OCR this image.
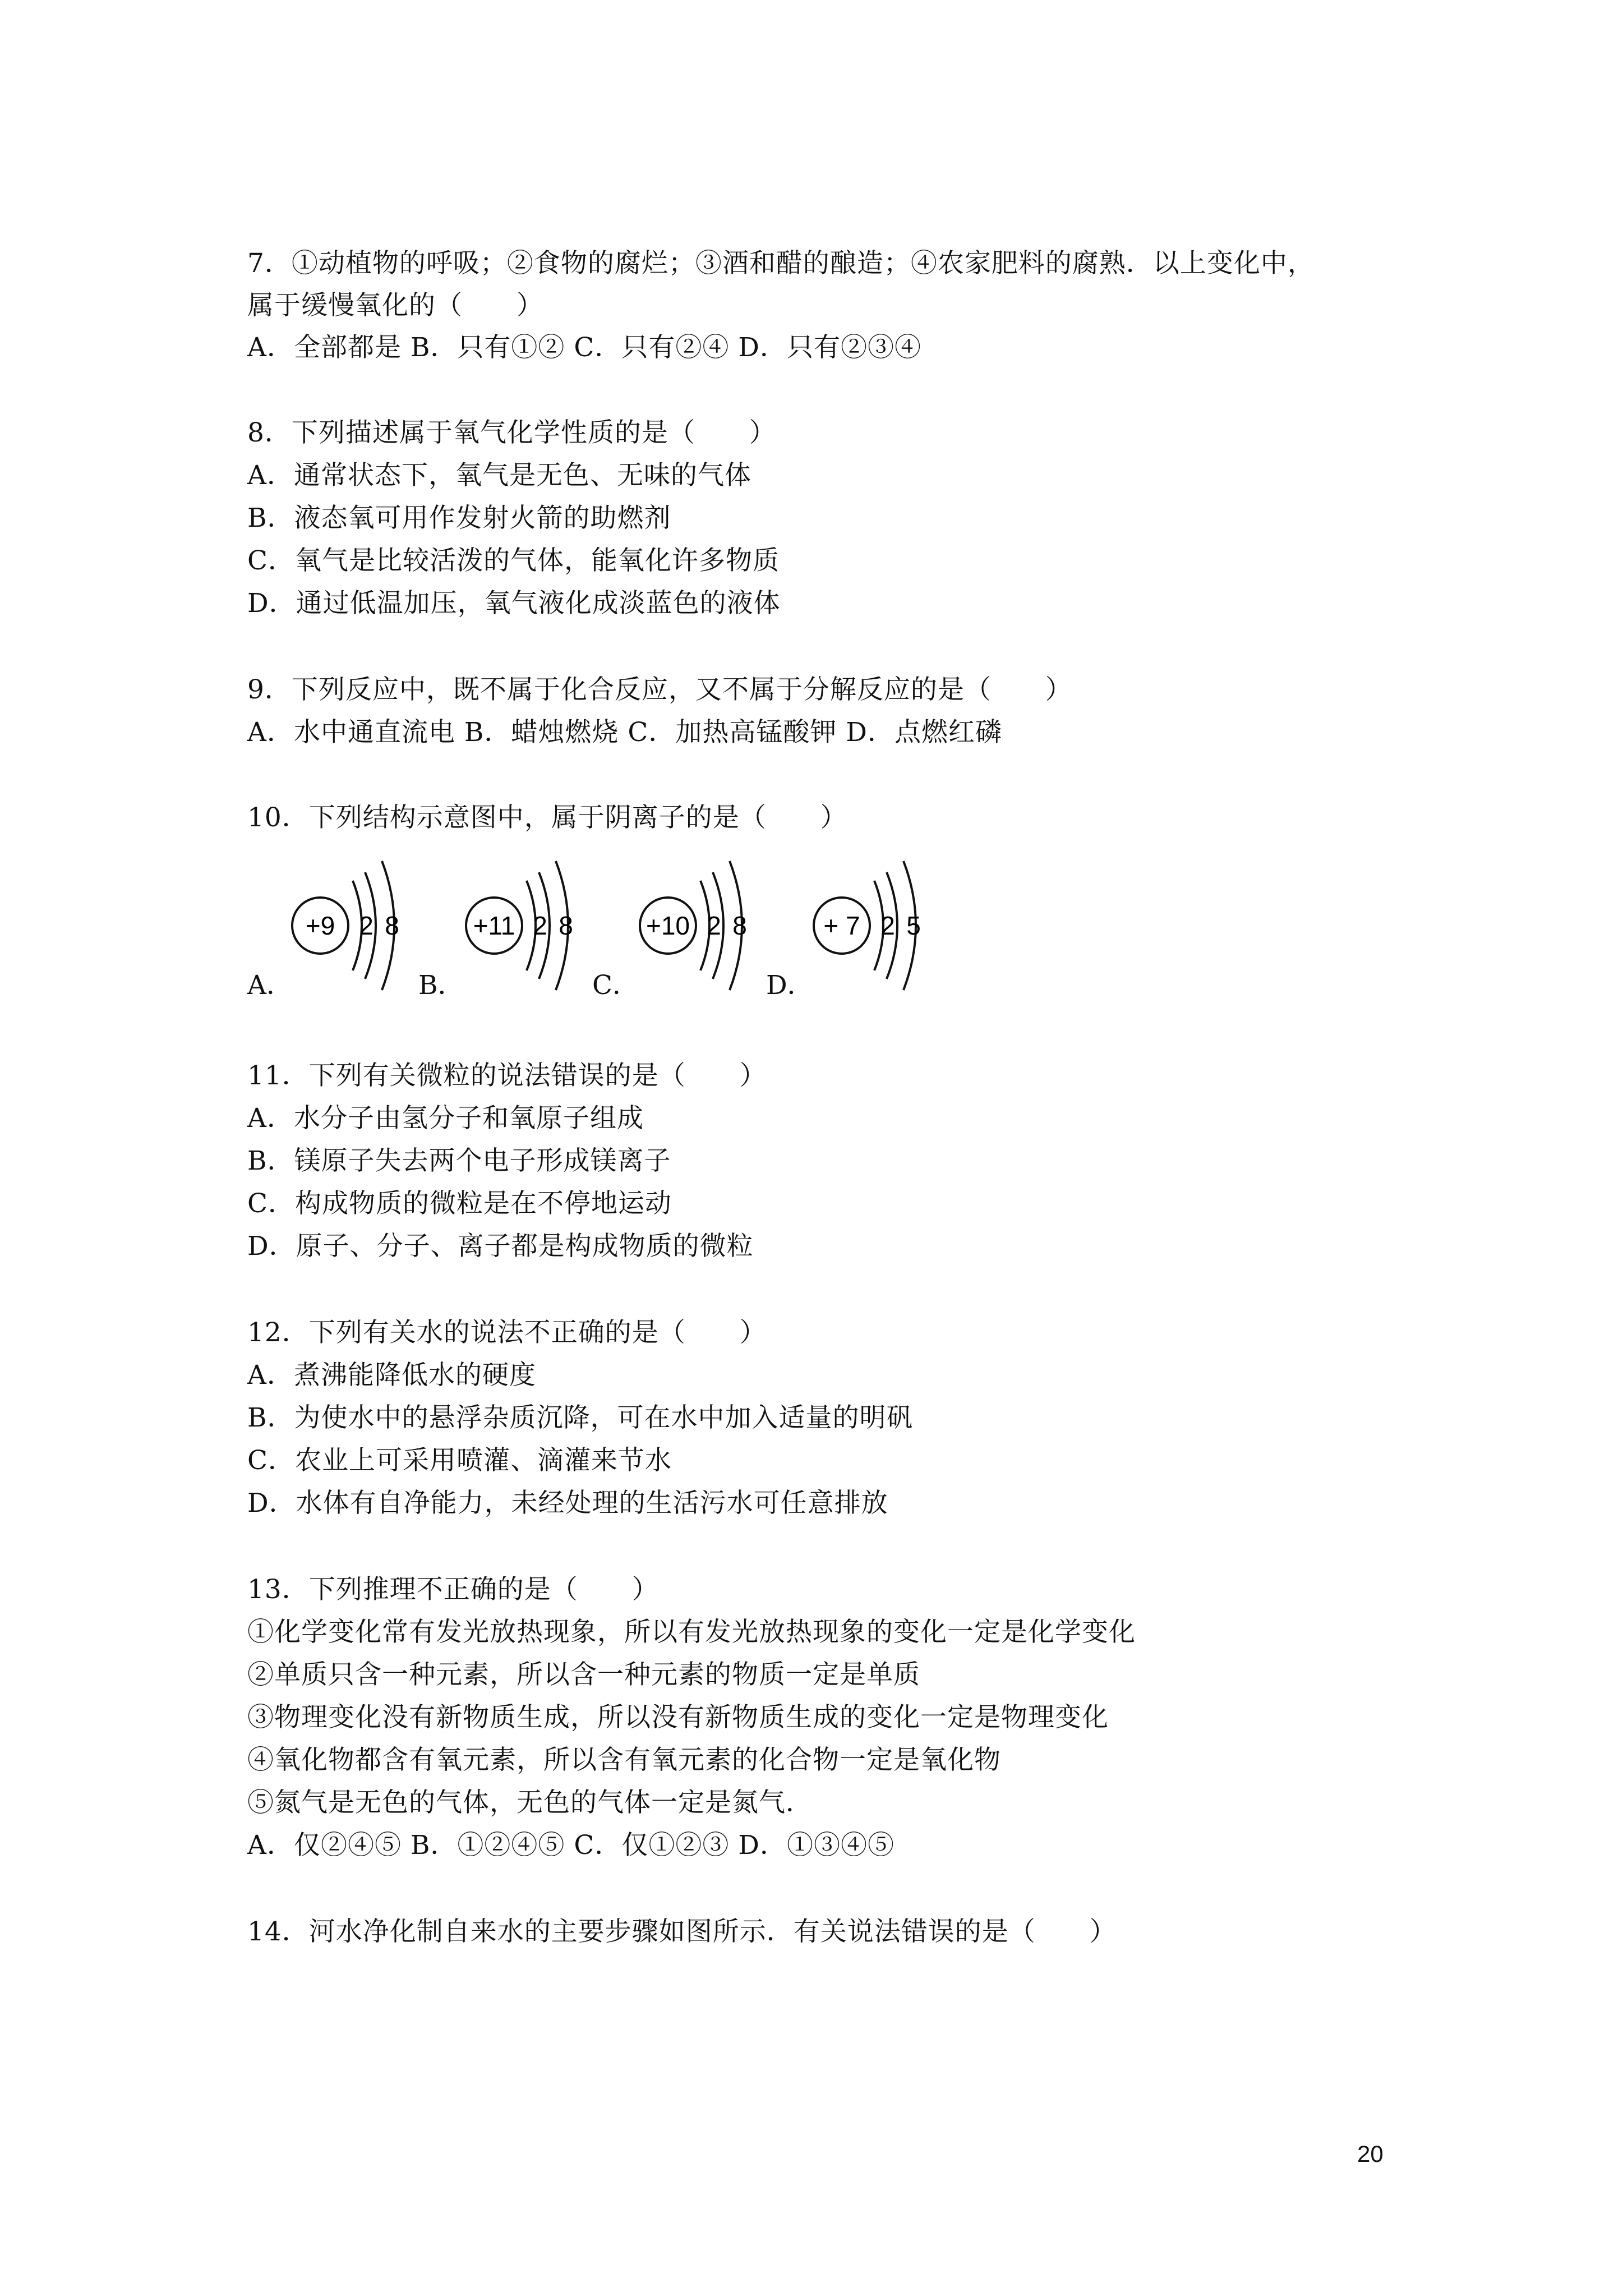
7．①动植物的呼吸；②食物的腐烂；③酒和醋的酿造；④农家肥料的腐熟．以上变化中，
属于缓慢氧化的（　　）
A．全部都是 B．只有①② C．只有②④ D．只有②③④
8．下列描述属于氧气化学性质的是（　　）
A．通常状态下，氧气是无色、无味的气体
B．液态氧可用作发射火箭的助燃剂
C．氧气是比较活泼的气体，能氧化许多物质
D．通过低温加压，氧气液化成淡蓝色的液体
9．下列反应中，既不属于化合反应，又不属于分解反应的是（　　）
A．水中通直流电 B．蜡烛燃烧 C．加热高锰酸钾 D．点燃红磷
10．下列结构示意图中，属于阴离子的是（　　）
A．	B．	C．	D．
+9 2 8	+11 2 8	+10 2 8	+ 7 2 5
11．下列有关微粒的说法错误的是（　　）
A．水分子由氢分子和氧原子组成
B．镁原子失去两个电子形成镁离子
C．构成物质的微粒是在不停地运动
D．原子、分子、离子都是构成物质的微粒
12．下列有关水的说法不正确的是（　　）
A．煮沸能降低水的硬度
B．为使水中的悬浮杂质沉降，可在水中加入适量的明矾
C．农业上可采用喷灌、滴灌来节水
D．水体有自净能力，未经处理的生活污水可任意排放
13．下列推理不正确的是（　　）
①化学变化常有发光放热现象，所以有发光放热现象的变化一定是化学变化
②单质只含一种元素，所以含一种元素的物质一定是单质
③物理变化没有新物质生成，所以没有新物质生成的变化一定是物理变化
④氧化物都含有氧元素，所以含有氧元素的化合物一定是氧化物
⑤氮气是无色的气体，无色的气体一定是氮气．
A．仅②④⑤ B．①②④⑤ C．仅①②③ D．①③④⑤
14．河水净化制自来水的主要步骤如图所示．有关说法错误的是（　　）
20
